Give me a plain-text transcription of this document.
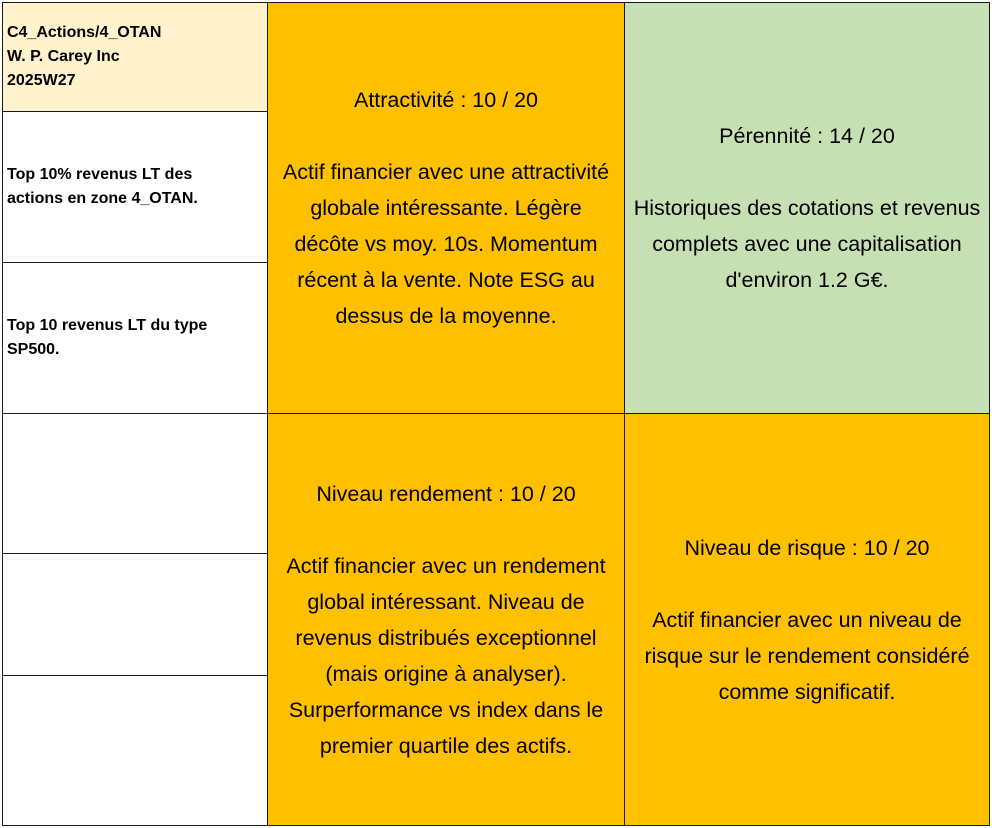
C4_Actions/4_OTAN
W. P. Carey Inc
2025W27
Top 10% revenus LT des actions en zone 4_OTAN.
Top 10 revenus LT du type SP500.

Attractivité : 10 / 20

Actif financier avec une attractivité globale intéressante. Légère décôte vs moy. 10s. Momentum récent à la vente. Note ESG au dessus de la moyenne.

Pérennité : 14 / 20

Historiques des cotations et revenus complets avec une capitalisation d'environ 1.2 G€.

Niveau rendement : 10 / 20

Actif financier avec un rendement global intéressant. Niveau de revenus distribués exceptionnel (mais origine à analyser). Surperformance vs index dans le premier quartile des actifs.

Niveau de risque : 10 / 20

Actif financier avec un niveau de risque sur le rendement considéré comme significatif.
